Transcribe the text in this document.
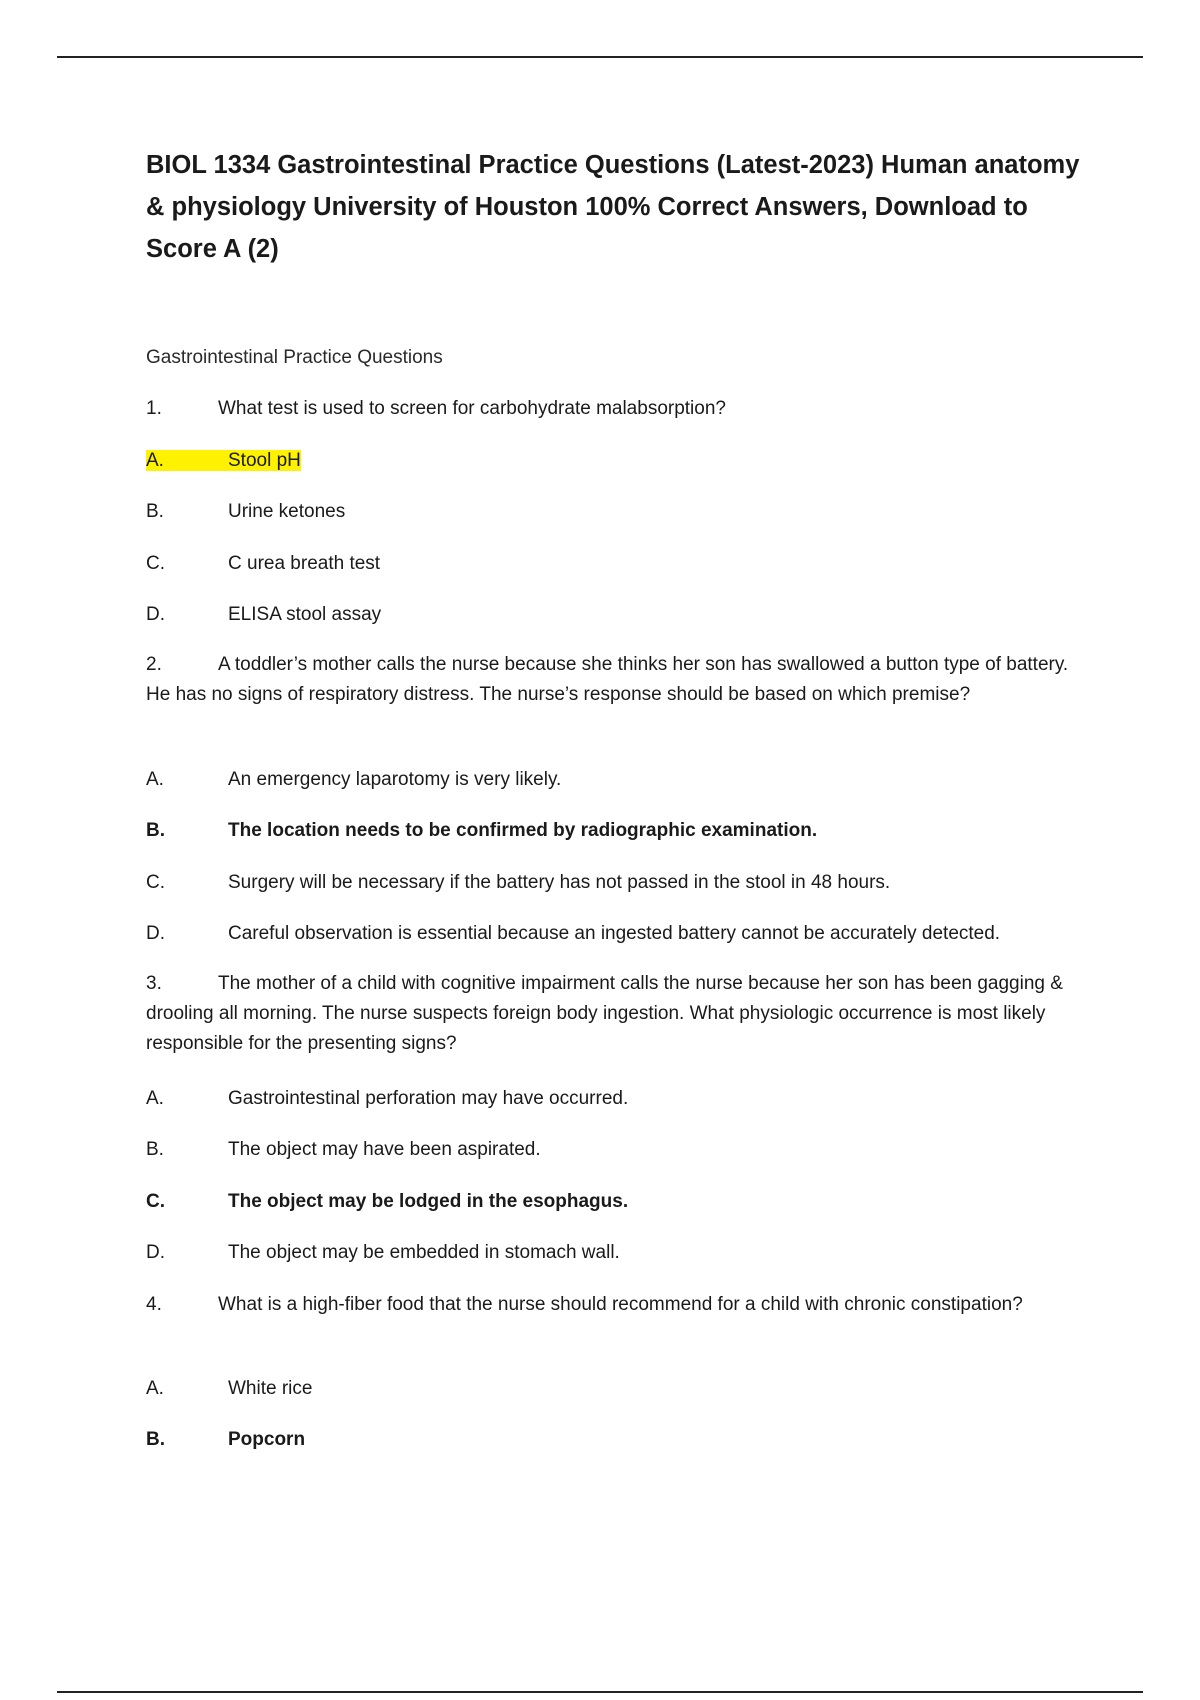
BIOL 1334 Gastrointestinal Practice Questions (Latest-2023) Human anatomy & physiology University of Houston 100% Correct Answers, Download to Score A (2)
Gastrointestinal Practice Questions
1.	What test is used to screen for carbohydrate malabsorption?
A.	Stool pH
B.	Urine ketones
C.	C urea breath test
D.	ELISA stool assay
2.	A toddler’s mother calls the nurse because she thinks her son has swallowed a button type of battery. He has no signs of respiratory distress. The nurse’s response should be based on which premise?
A.	An emergency laparotomy is very likely.
B.	The location needs to be confirmed by radiographic examination.
C.	Surgery will be necessary if the battery has not passed in the stool in 48 hours.
D.	Careful observation is essential because an ingested battery cannot be accurately detected.
3.	The mother of a child with cognitive impairment calls the nurse because her son has been gagging & drooling all morning. The nurse suspects foreign body ingestion. What physiologic occurrence is most likely responsible for the presenting signs?
A.	Gastrointestinal perforation may have occurred.
B.	The object may have been aspirated.
C.	The object may be lodged in the esophagus.
D.	The object may be embedded in stomach wall.
4.	What is a high-fiber food that the nurse should recommend for a child with chronic constipation?
A.	White rice
B.	Popcorn
